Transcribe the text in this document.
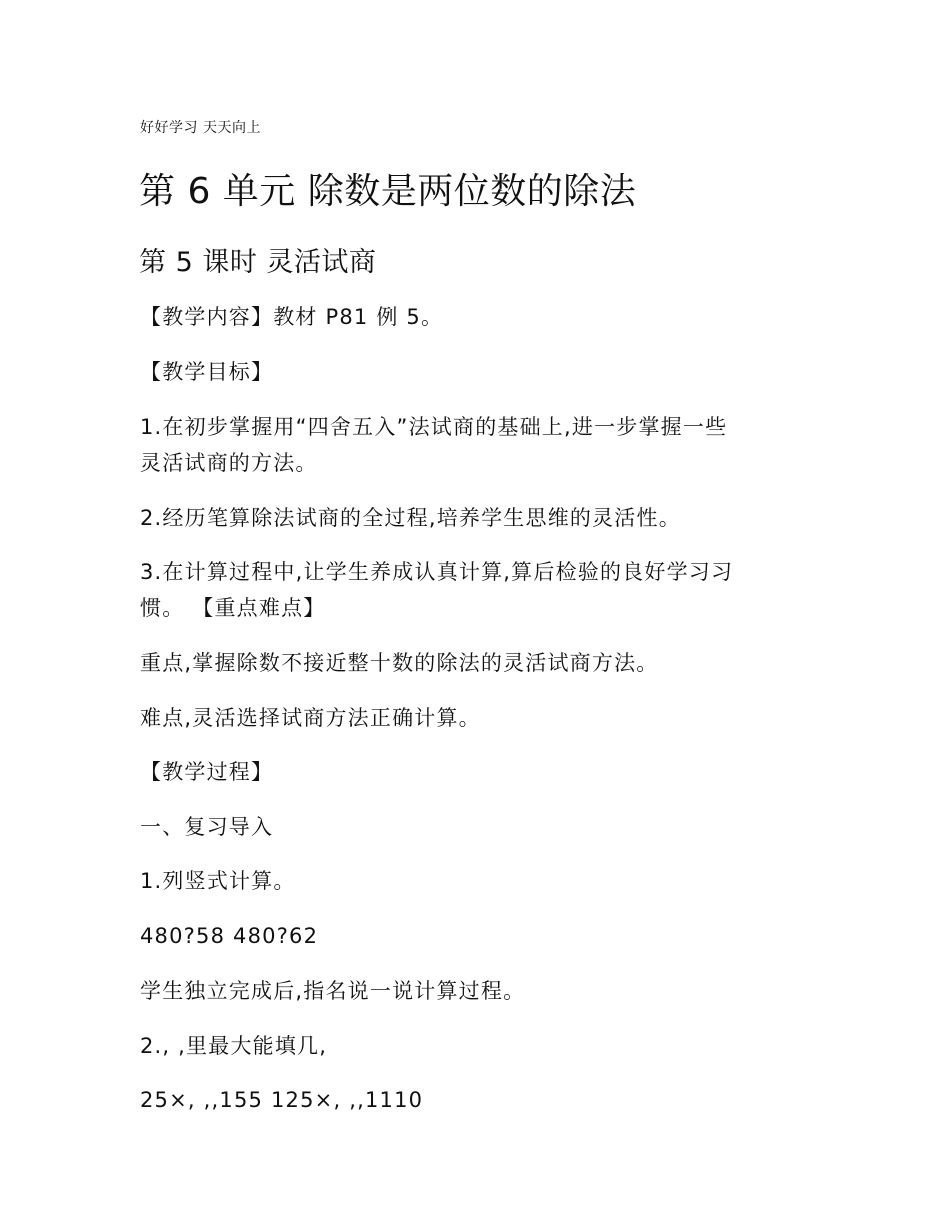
好好学习 天天向上
第 6 单元 除数是两位数的除法
第 5 课时 灵活试商

【教学内容】教材 P81 例 5。

【教学目标】

1.在初步掌握用“四舍五入”法试商的基础上,进一步掌握一些

灵活试商的方法。

2.经历笔算除法试商的全过程,培养学生思维的灵活性。

3.在计算过程中,让学生养成认真计算,算后检验的良好学习习

惯。 【重点难点】

重点,掌握除数不接近整十数的除法的灵活试商方法。

难点,灵活选择试商方法正确计算。

【教学过程】

一、复习导入

1.列竖式计算。

480?58 480?62

学生独立完成后,指名说一说计算过程。

2., ,里最大能填几,

25×, ,,155 125×, ,,1110
